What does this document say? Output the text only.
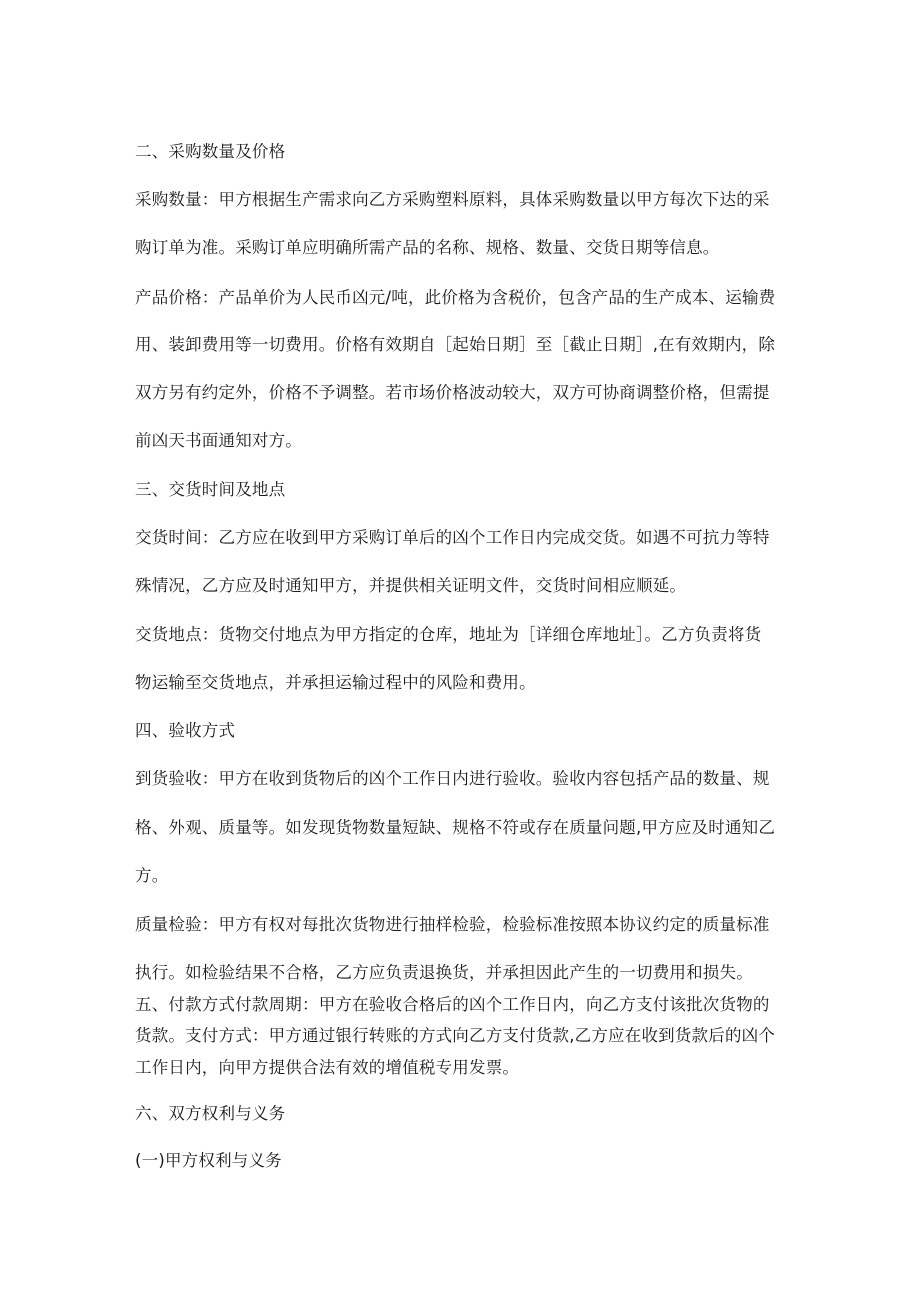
二、采购数量及价格
采购数量：甲方根据生产需求向乙方采购塑料原料，具体采购数量以甲方每次下达的采
购订单为准。采购订单应明确所需产品的名称、规格、数量、交货日期等信息。
产品价格：产品单价为人民币凶元/吨，此价格为含税价，包含产品的生产成本、运输费
用、装卸费用等一切费用。价格有效期自［起始日期］至［截止日期］,在有效期内，除
双方另有约定外，价格不予调整。若市场价格波动较大，双方可协商调整价格，但需提
前凶天书面通知对方。
三、交货时间及地点
交货时间：乙方应在收到甲方采购订单后的凶个工作日内完成交货。如遇不可抗力等特
殊情况，乙方应及时通知甲方，并提供相关证明文件，交货时间相应顺延。
交货地点：货物交付地点为甲方指定的仓库，地址为［详细仓库地址］。乙方负责将货
物运输至交货地点，并承担运输过程中的风险和费用。
四、验收方式
到货验收：甲方在收到货物后的凶个工作日内进行验收。验收内容包括产品的数量、规
格、外观、质量等。如发现货物数量短缺、规格不符或存在质量问题,甲方应及时通知乙
方。
质量检验：甲方有权对每批次货物进行抽样检验，检验标准按照本协议约定的质量标准
执行。如检验结果不合格，乙方应负责退换货，并承担因此产生的一切费用和损失。
五、付款方式付款周期：甲方在验收合格后的凶个工作日内，向乙方支付该批次货物的
货款。支付方式：甲方通过银行转账的方式向乙方支付货款,乙方应在收到货款后的凶个
工作日内，向甲方提供合法有效的增值税专用发票。
六、双方权利与义务
(一)甲方权利与义务
